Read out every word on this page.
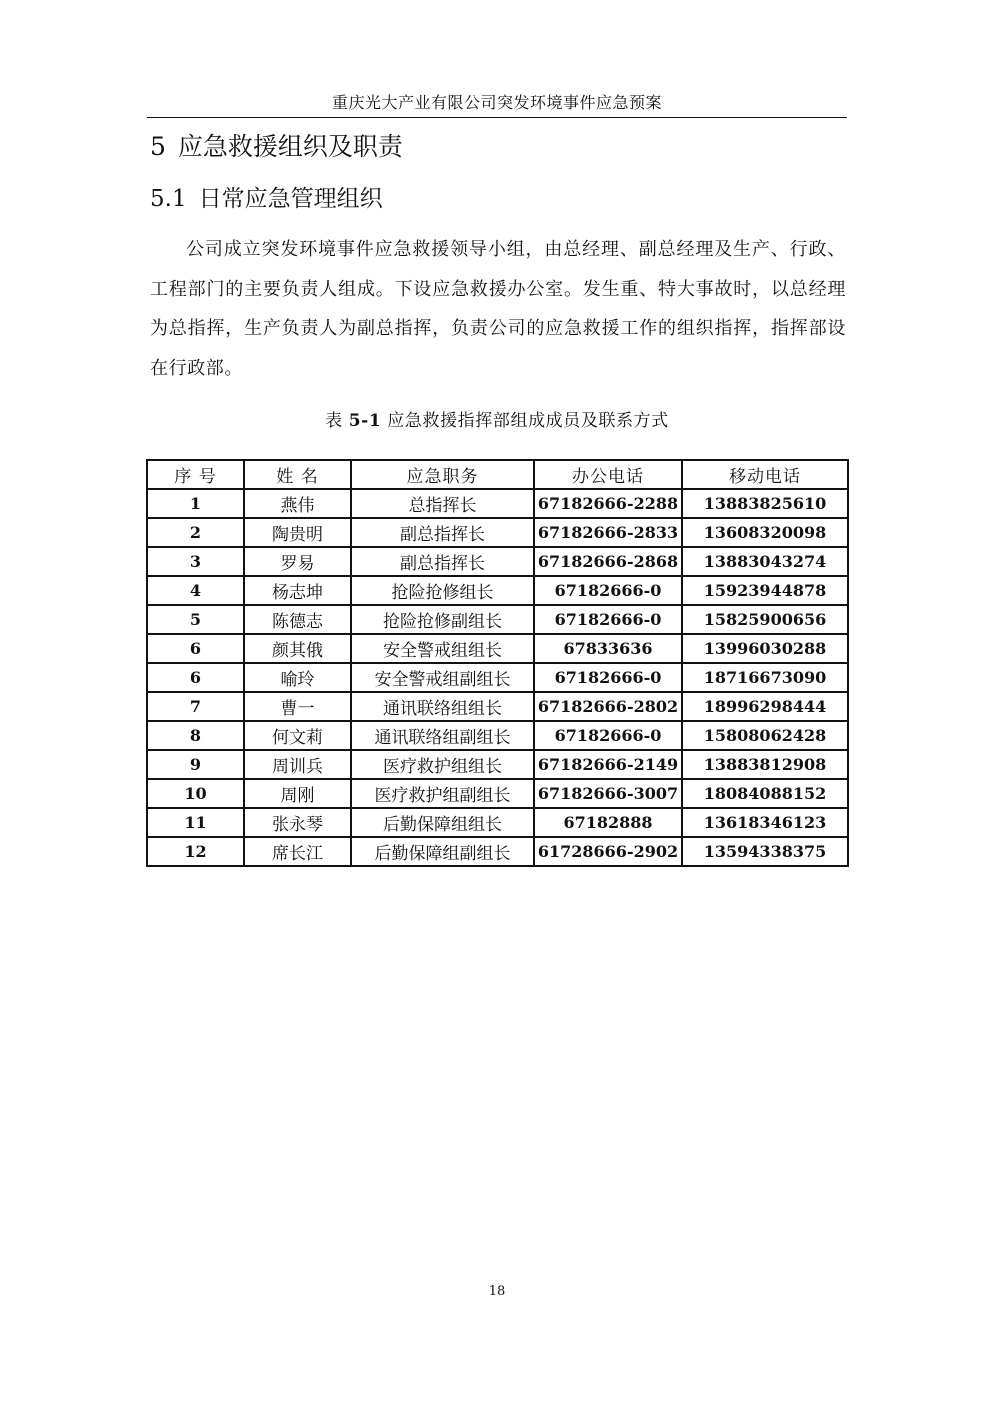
重庆光大产业有限公司突发环境事件应急预案
5 应急救援组织及职责
5.1 日常应急管理组织

公司成立突发环境事件应急救援领导小组，由总经理、副总经理及生产、行政、工程部门的主要负责人组成。下设应急救援办公室。发生重、特大事故时，以总经理为总指挥，生产负责人为副总指挥，负责公司的应急救援工作的组织指挥，指挥部设在行政部。

表 5-1 应急救援指挥部组成成员及联系方式
序 号	姓 名	应急职务	办公电话	移动电话
1	燕伟	总指挥长	67182666-2288	13883825610
2	陶贵明	副总指挥长	67182666-2833	13608320098
3	罗易	副总指挥长	67182666-2868	13883043274
4	杨志坤	抢险抢修组长	67182666-0	15923944878
5	陈德志	抢险抢修副组长	67182666-0	15825900656
6	颜其俄	安全警戒组组长	67833636	13996030288
6	喻玲	安全警戒组副组长	67182666-0	18716673090
7	曹一	通讯联络组组长	67182666-2802	18996298444
8	何文莉	通讯联络组副组长	67182666-0	15808062428
9	周训兵	医疗救护组组长	67182666-2149	13883812908
10	周刚	医疗救护组副组长	67182666-3007	18084088152
11	张永琴	后勤保障组组长	67182888	13618346123
12	席长江	后勤保障组副组长	61728666-2902	13594338375
18
